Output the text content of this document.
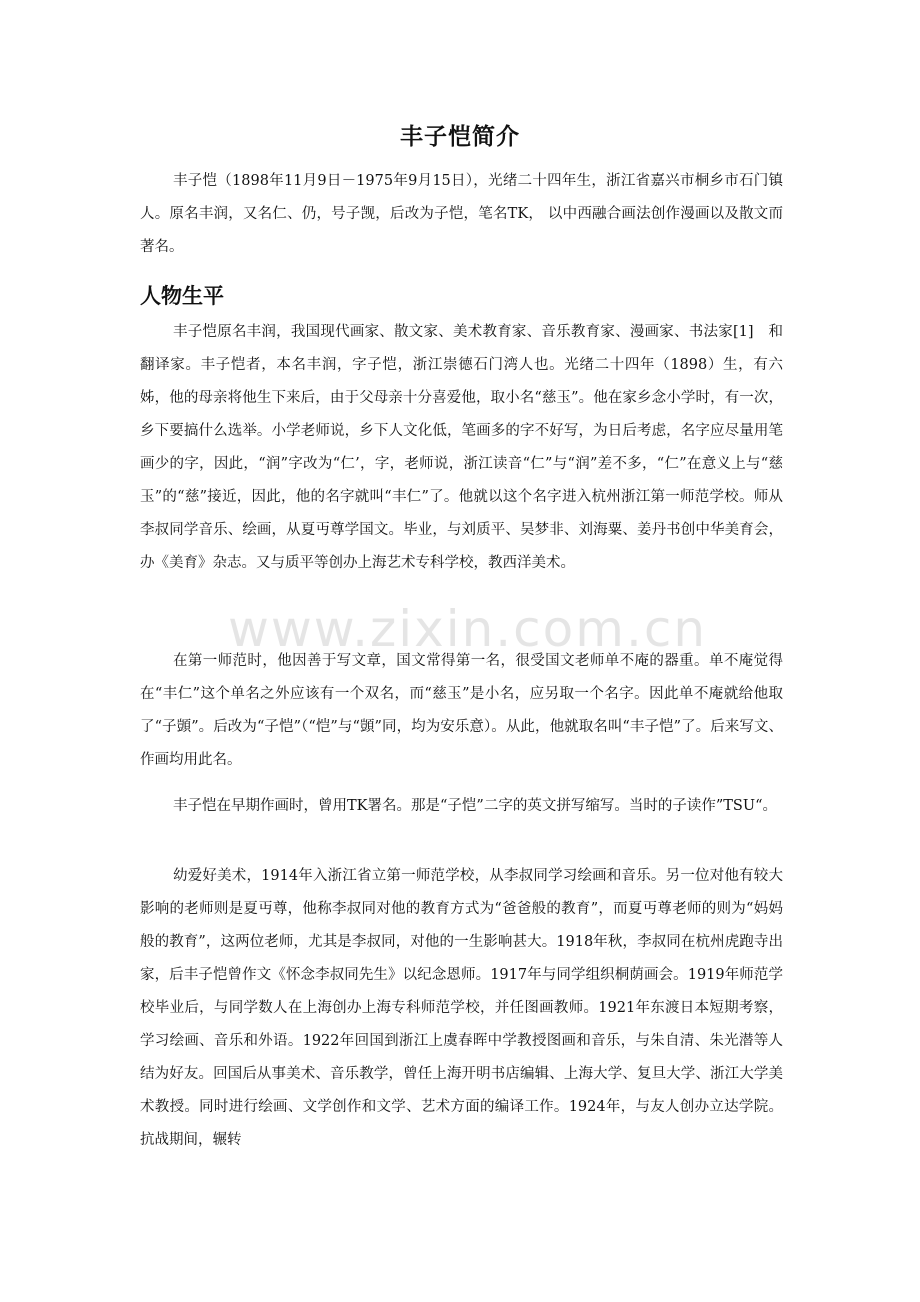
丰子恺简介

丰子恺（1898年11月9日－1975年9月15日），光绪二十四年生，浙江省嘉兴市桐乡市石门镇人。原名丰润，又名仁、仍，号子觊，后改为子恺，笔名TK， 以中西融合画法创作漫画以及散文而著名。

人物生平

丰子恺原名丰润，我国现代画家、散文家、美术教育家、音乐教育家、漫画家、书法家[1]　和翻译家。丰子恺者，本名丰润，字子恺，浙江崇德石门湾人也。光绪二十四年（1898）生，有六姊，他的母亲将他生下来后，由于父母亲十分喜爱他，取小名“慈玉”。他在家乡念小学时，有一次，乡下要搞什么选举。小学老师说，乡下人文化低，笔画多的字不好写，为日后考虑，名字应尽量用笔画少的字，因此，“润”字改为“仁’，字，老师说，浙江读音“仁”与“润”差不多，“仁”在意义上与“慈玉”的“慈”接近，因此，他的名字就叫“丰仁”了。他就以这个名字进入杭州浙江第一师范学校。师从李叔同学音乐、绘画，从夏丏尊学国文。毕业，与刘质平、吴梦非、刘海粟、姜丹书创中华美育会，办《美育》杂志。又与质平等创办上海艺术专科学校，教西洋美术。

在第一师范时，他因善于写文章，国文常得第一名，很受国文老师单不庵的器重。单不庵觉得在“丰仁”这个单名之外应该有一个双名，而“慈玉”是小名，应另取一个名字。因此单不庵就给他取了“子顗”。后改为“子恺”（“恺”与“顗”同，均为安乐意）。从此，他就取名叫“丰子恺”了。后来写文、作画均用此名。

丰子恺在早期作画时，曾用TK署名。那是“子恺”二字的英文拼写缩写。当时的子读作”TSU“。

幼爱好美术，1914年入浙江省立第一师范学校，从李叔同学习绘画和音乐。另一位对他有较大影响的老师则是夏丏尊，他称李叔同对他的教育方式为“爸爸般的教育”，而夏丏尊老师的则为“妈妈般的教育”，这两位老师，尤其是李叔同，对他的一生影响甚大。1918年秋，李叔同在杭州虎跑寺出家，后丰子恺曾作文《怀念李叔同先生》以纪念恩师。1917年与同学组织桐荫画会。1919年师范学校毕业后，与同学数人在上海创办上海专科师范学校，并任图画教师。1921年东渡日本短期考察，学习绘画、音乐和外语。1922年回国到浙江上虞春晖中学教授图画和音乐，与朱自清、朱光潜等人结为好友。回国后从事美术、音乐教学，曾任上海开明书店编辑、上海大学、复旦大学、浙江大学美术教授。同时进行绘画、文学创作和文学、艺术方面的编译工作。1924年，与友人创办立达学院。抗战期间，辗转

www.zixin.com.cn
